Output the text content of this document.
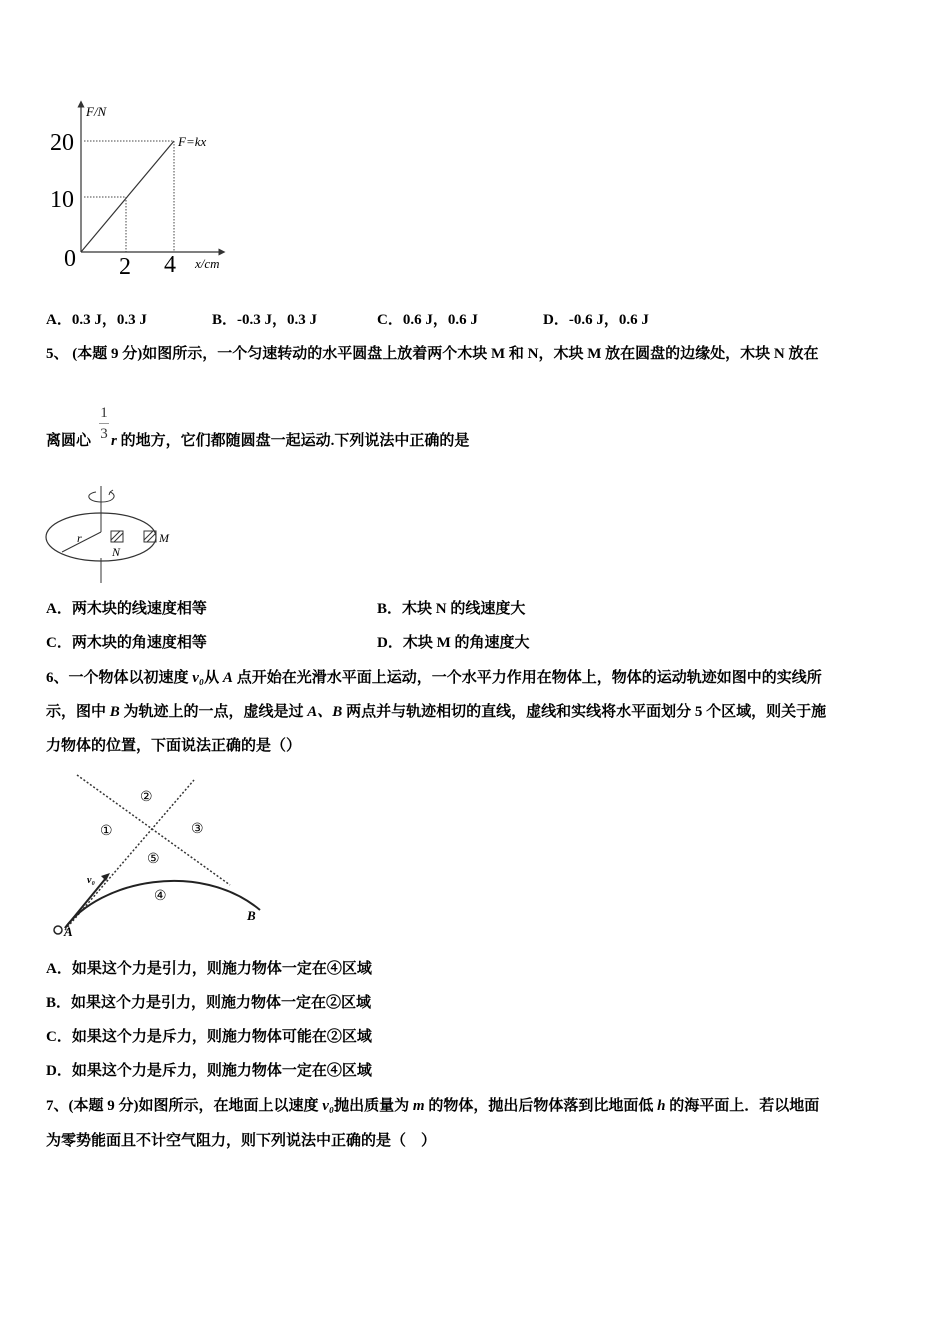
F/N
x/cm
0
10
20
2 4
F=kx
A．0.3 J，0.3 J	B．-0.3 J，0.3 J	C．0.6 J，0.6 J	D．-0.6 J，0.6 J
5、 (本题 9 分)如图所示，一个匀速转动的水平圆盘上放着两个木块 M 和 N，木块 M 放在圆盘的边缘处，木块 N 放在
1
3
离圆心 r 的地方，它们都随圆盘一起运动.下列说法中正确的是
r
N
M
A．两木块的线速度相等	B．木块 N 的线速度大
C．两木块的角速度相等	D．木块 M 的角速度大
6、一个物体以初速度 v₀从 A 点开始在光滑水平面上运动，一个水平力作用在物体上，物体的运动轨迹如图中的实线所
示，图中 B 为轨迹上的一点，虚线是过 A、B 两点并与轨迹相切的直线，虚线和实线将水平面划分 5 个区域，则关于施
力物体的位置，下面说法正确的是（）
①
②
③
⑤
④
v₀
A
B
A．如果这个力是引力，则施力物体一定在④区域
B．如果这个力是引力，则施力物体一定在②区域
C．如果这个力是斥力，则施力物体可能在②区域
D．如果这个力是斥力，则施力物体一定在④区域
7、(本题 9 分)如图所示，在地面上以速度 v₀抛出质量为 m 的物体，抛出后物体落到比地面低 h 的海平面上．若以地面
为零势能面且不计空气阻力，则下列说法中正确的是（　）
